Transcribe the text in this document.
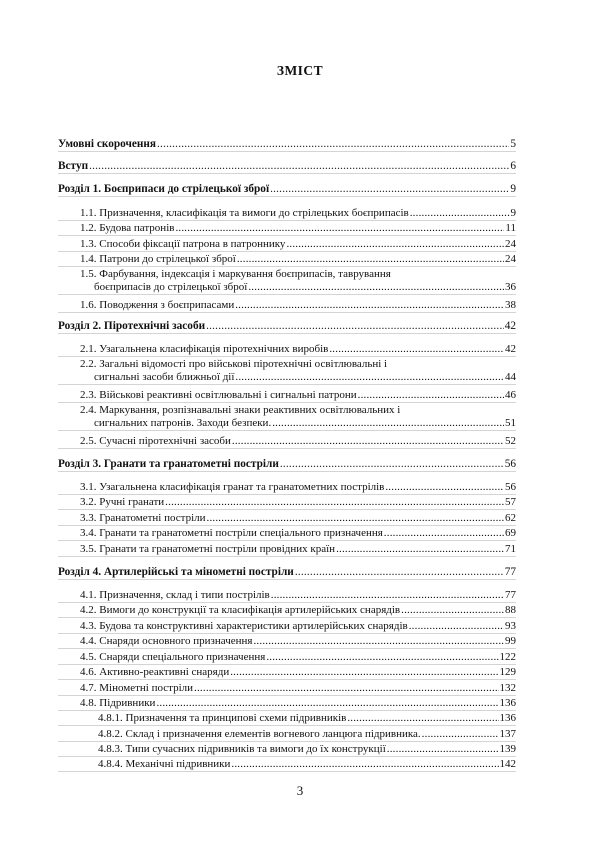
ЗМІСТ
Умовні скорочення .....	5
Вступ .....	6
Розділ 1. Боєприпаси до стрілецької зброї .....	9
1.1. Призначення, класифікація та вимоги до стрілецьких боєприпасів .....	9
1.2. Будова патронів .....	11
1.3. Способи фіксації патрона в патроннику .....	24
1.4. Патрони до стрілецької зброї .....	24
1.5. Фарбування, індексація і маркування боєприпасів, таврування
боєприпасів до стрілецької зброї .....	36
1.6. Поводження з боєприпасами .....	38
Розділ 2. Піротехнічні засоби .....	42
2.1. Узагальнена класифікація піротехнічних виробів .....	42
2.2. Загальні відомості про військові піротехнічні освітлювальні і
сигнальні засоби ближньої дії .....	44
2.3. Військові реактивні освітлювальні і сигнальні патрони .....	46
2.4. Маркування, розпізнавальні знаки реактивних освітлювальних і
сигнальних патронів. Заходи безпеки. .....	51
2.5. Сучасні піротехнічні засоби .....	52
Розділ 3. Гранати та гранатометні постріли .....	56
3.1. Узагальнена класифікація гранат та гранатометних пострілів .....	56
3.2. Ручні гранати .....	57
3.3. Гранатометні постріли .....	62
3.4. Гранати та гранатометні постріли спеціального призначення .....	69
3.5. Гранати та гранатометні постріли провідних країн .....	71
Розділ 4. Артилерійські та мінометні постріли .....	77
4.1. Призначення, склад і типи пострілів .....	77
4.2. Вимоги до конструкції та класифікація артилерійських снарядів .....	88
4.3. Будова та конструктивні характеристики артилерійських снарядів .....	93
4.4. Снаряди основного призначення .....	99
4.5. Снаряди спеціального призначення .....	122
4.6. Активно-реактивні снаряди .....	129
4.7. Мінометні постріли .....	132
4.8. Підривники .....	136
4.8.1. Призначення та принципові схеми підривників .....	136
4.8.2. Склад і призначення елементів вогневого ланцюга підривника. .....	137
4.8.3. Типи сучасних підривників та вимоги до їх конструкції .....	139
4.8.4. Механічні підривники .....	142
3
